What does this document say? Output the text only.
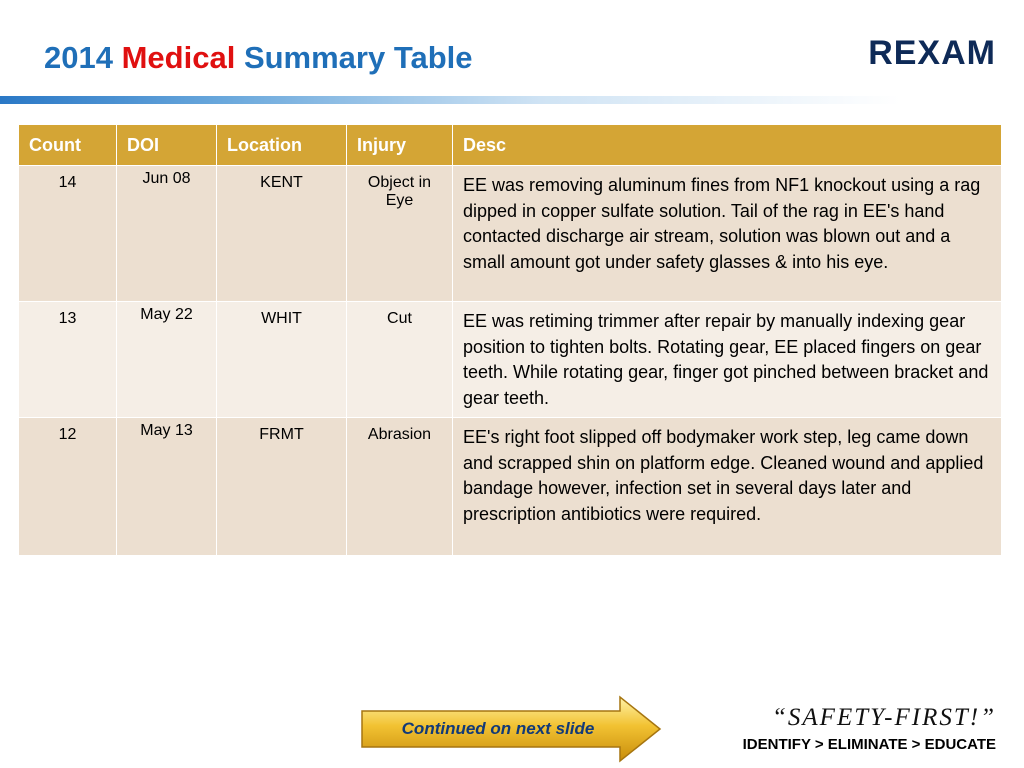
2014 Medical Summary Table	REXAM
Count	DOI	Location	Injury	Desc
14	Jun 08	KENT	Object in Eye	EE was removing aluminum fines from NF1 knockout using a rag dipped in copper sulfate solution. Tail of the rag in EE's hand contacted discharge air stream, solution was blown out and a small amount got under safety glasses & into his eye.
13	May 22	WHIT	Cut	EE was retiming trimmer after repair by manually indexing gear position to tighten bolts. Rotating gear, EE placed fingers on gear teeth. While rotating gear, finger got pinched between bracket and gear teeth.
12	May 13	FRMT	Abrasion	EE's right foot slipped off bodymaker work step, leg came down and scrapped shin on platform edge. Cleaned wound and applied bandage however, infection set in several days later and prescription antibiotics were required.
Continued on next slide	“SAFETY-FIRST!”
IDENTIFY > ELIMINATE > EDUCATE
